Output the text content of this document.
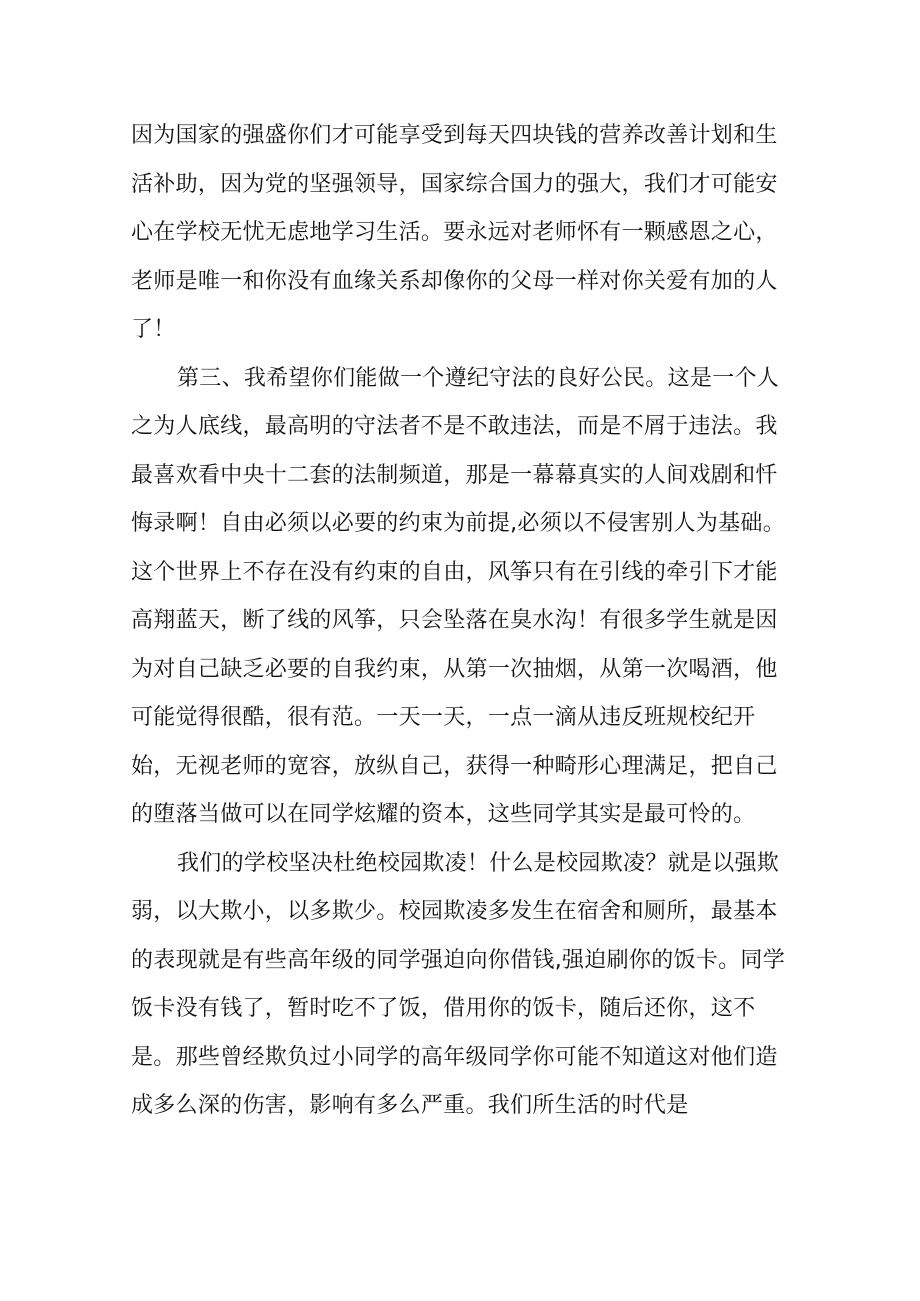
因为国家的强盛你们才可能享受到每天四块钱的营养改善计划和生活补助，因为党的坚强领导，国家综合国力的强大，我们才可能安心在学校无忧无虑地学习生活。要永远对老师怀有一颗感恩之心，老师是唯一和你没有血缘关系却像你的父母一样对你关爱有加的人了！

第三、我希望你们能做一个遵纪守法的良好公民。这是一个人之为人底线，最高明的守法者不是不敢违法，而是不屑于违法。我最喜欢看中央十二套的法制频道，那是一幕幕真实的人间戏剧和忏悔录啊！自由必须以必要的约束为前提,必须以不侵害别人为基础。这个世界上不存在没有约束的自由，风筝只有在引线的牵引下才能高翔蓝天，断了线的风筝，只会坠落在臭水沟！有很多学生就是因为对自己缺乏必要的自我约束，从第一次抽烟，从第一次喝酒，他可能觉得很酷，很有范。一天一天，一点一滴从违反班规校纪开始，无视老师的宽容，放纵自己，获得一种畸形心理满足，把自己的堕落当做可以在同学炫耀的资本，这些同学其实是最可怜的。

我们的学校坚决杜绝校园欺凌！什么是校园欺凌？就是以强欺弱，以大欺小，以多欺少。校园欺凌多发生在宿舍和厕所，最基本的表现就是有些高年级的同学强迫向你借钱,强迫刷你的饭卡。同学饭卡没有钱了，暂时吃不了饭，借用你的饭卡，随后还你，这不是。那些曾经欺负过小同学的高年级同学你可能不知道这对他们造成多么深的伤害，影响有多么严重。我们所生活的时代是
